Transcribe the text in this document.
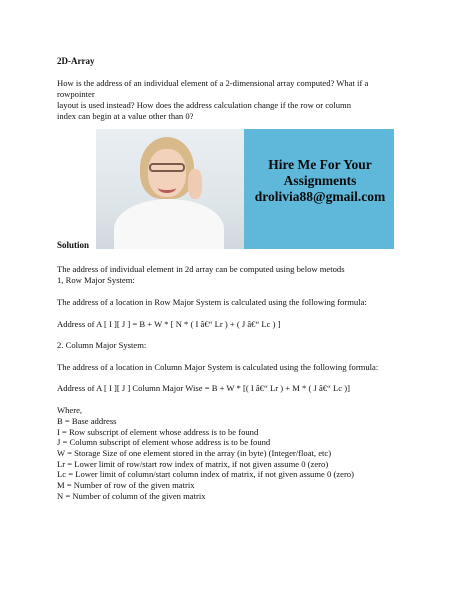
2D-Array
How is the address of an individual element of a 2-dimensional array computed? What if a
rowpointer
layout is used instead? How does the address calculation change if the row or column
index can begin at a value other than 0?
Hire Me For Your
Assignments
drolivia88@gmail.com
Solution
The address of individual element in 2d array can be computed using below metods
1, Row Major System:
The address of a location in Row Major System is calculated using the following formula:
Address of A [ I ][ J ] = B + W * [ N * ( I â€“ Lr ) + ( J â€“ Lc ) ]
2. Column Major System:
The address of a location in Column Major System is calculated using the following formula:
Address of A [ I ][ J ] Column Major Wise = B + W * [( I â€“ Lr ) + M * ( J â€“ Lc )]
Where,
B = Base address
I = Row subscript of element whose address is to be found
J = Column subscript of element whose address is to be found
W = Storage Size of one element stored in the array (in byte) (Integer/float, etc)
Lr = Lower limit of row/start row index of matrix, if not given assume 0 (zero)
Lc = Lower limit of column/start column index of matrix, if not given assume 0 (zero)
M = Number of row of the given matrix
N = Number of column of the given matrix
